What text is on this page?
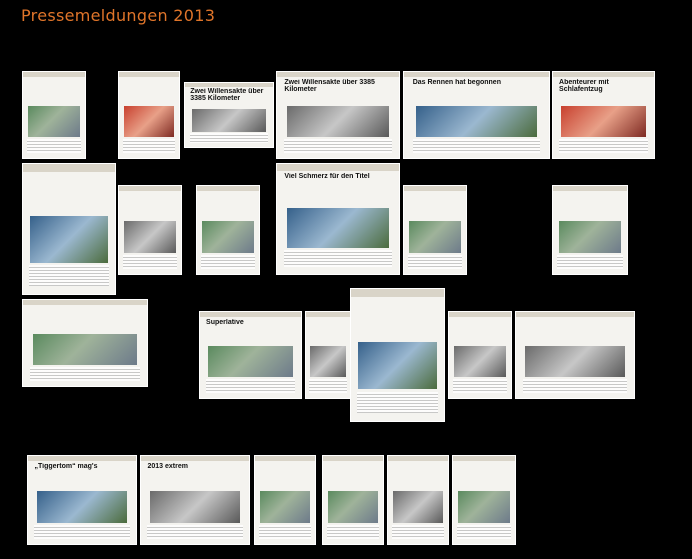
Pressemeldungen 2013
Zwei Willensakte über 3385 Kilometer
Zwei Willensakte über 3385 Kilometer
Das Rennen hat begonnen	Abenteurer mit Schlafentzug
Viel Schmerz für den Titel
Superlative
„Tiggertom“ mag's	2013 extrem
